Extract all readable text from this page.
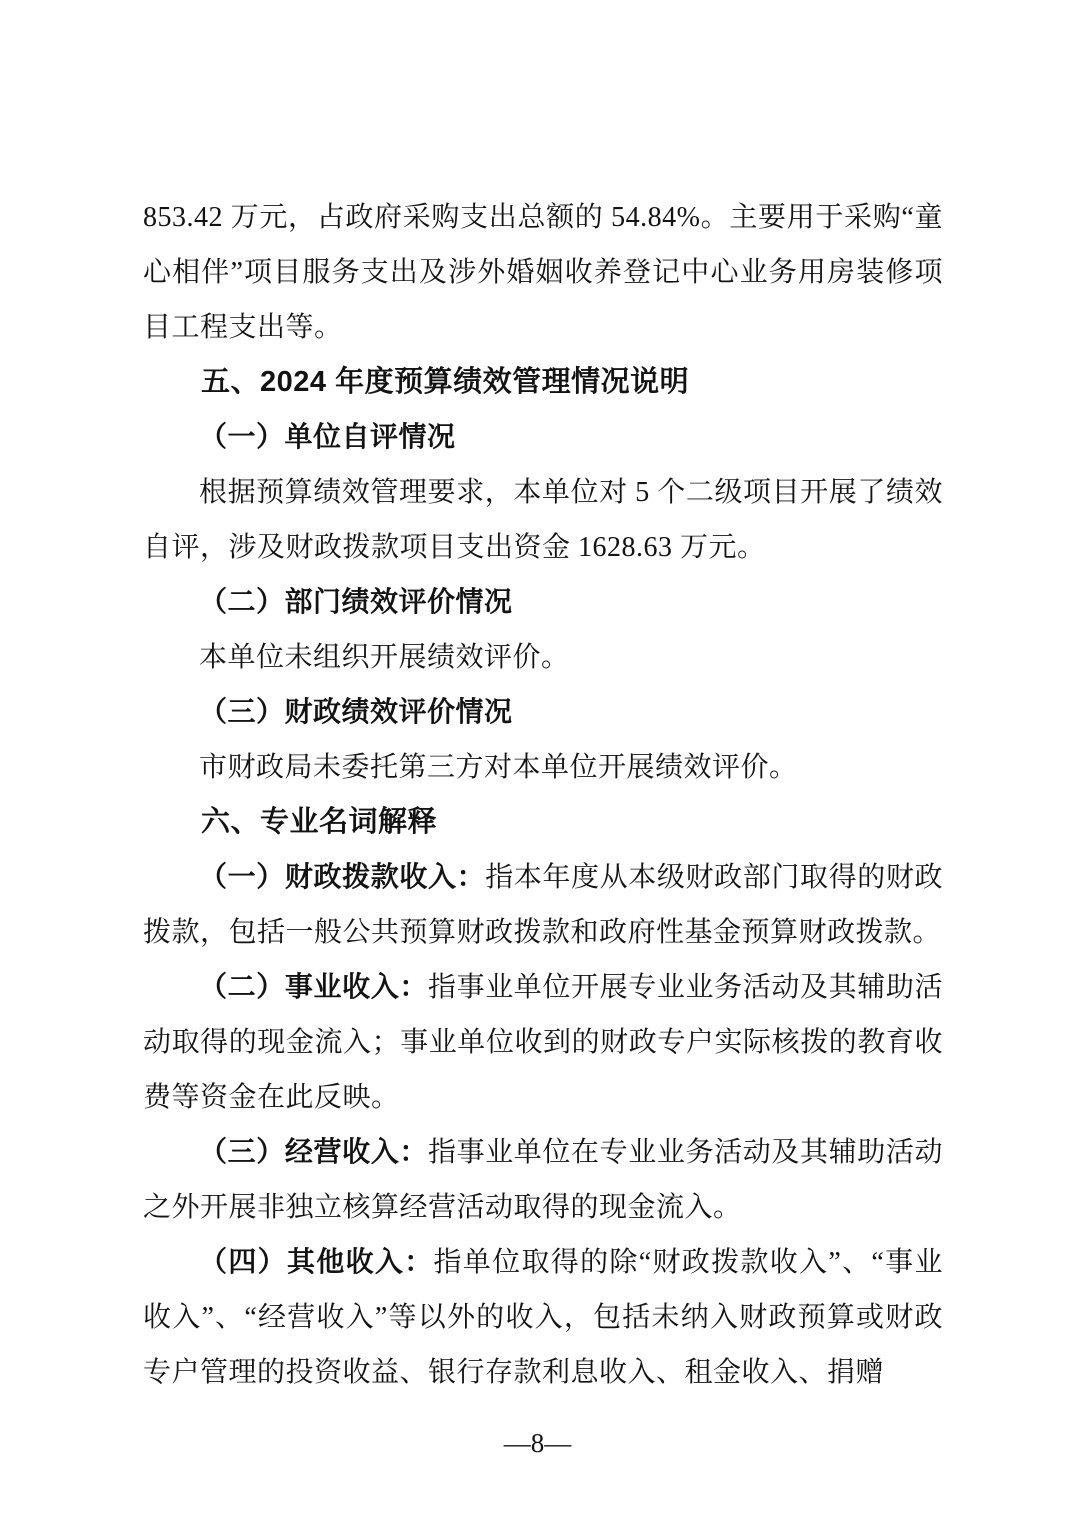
853.42 万元，占政府采购支出总额的 54.84%。主要用于采购“童心相伴”项目服务支出及涉外婚姻收养登记中心业务用房装修项目工程支出等。

五、2024 年度预算绩效管理情况说明

（一）单位自评情况

根据预算绩效管理要求，本单位对 5 个二级项目开展了绩效自评，涉及财政拨款项目支出资金 1628.63 万元。

（二）部门绩效评价情况

本单位未组织开展绩效评价。

（三）财政绩效评价情况

市财政局未委托第三方对本单位开展绩效评价。

六、专业名词解释

（一）财政拨款收入：指本年度从本级财政部门取得的财政拨款，包括一般公共预算财政拨款和政府性基金预算财政拨款。

（二）事业收入：指事业单位开展专业业务活动及其辅助活动取得的现金流入；事业单位收到的财政专户实际核拨的教育收费等资金在此反映。

（三）经营收入：指事业单位在专业业务活动及其辅助活动之外开展非独立核算经营活动取得的现金流入。

（四）其他收入：指单位取得的除“财政拨款收入”、“事业收入”、“经营收入”等以外的收入，包括未纳入财政预算或财政专户管理的投资收益、银行存款利息收入、租金收入、捐赠

—8—
